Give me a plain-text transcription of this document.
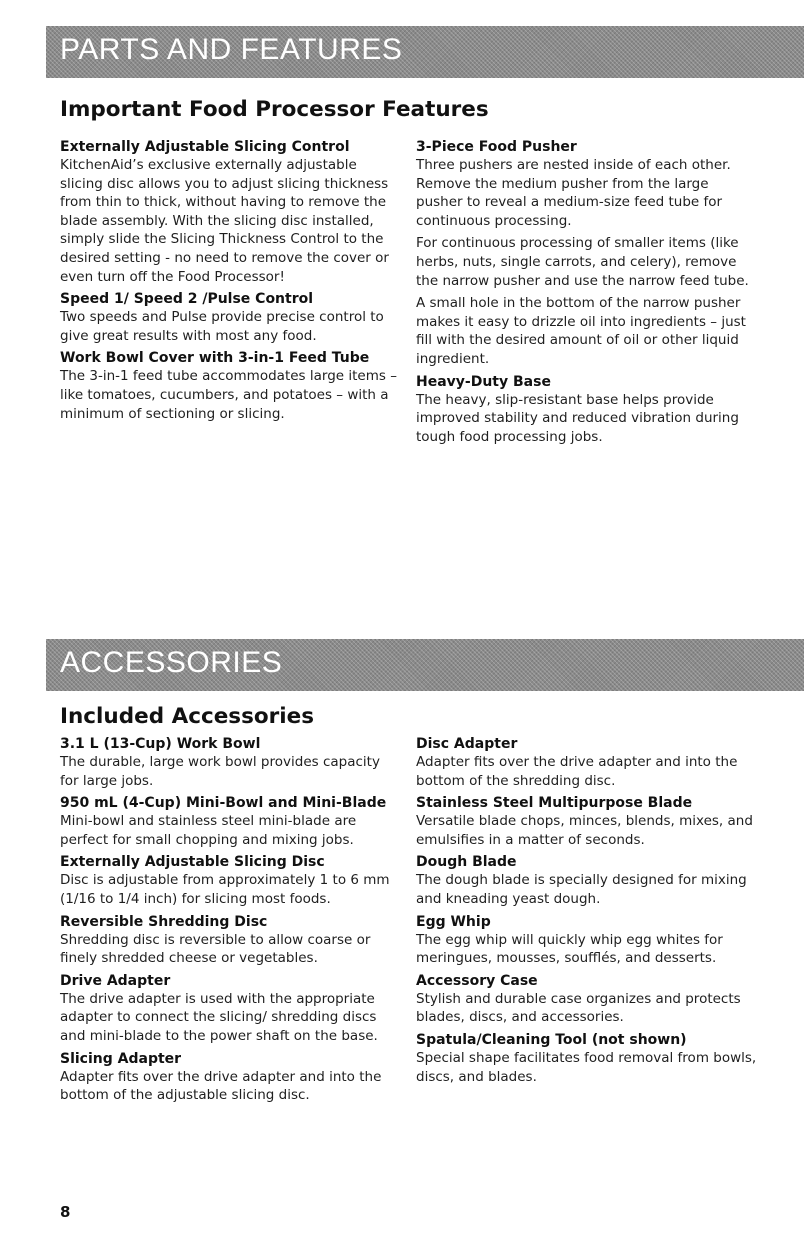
PARTS AND FEATURES
Important Food Processor Features
Externally Adjustable Slicing Control

KitchenAid’s exclusive externally adjustable slicing disc allows you to adjust slicing thickness from thin to thick, without having to remove the blade assembly. With the slicing disc installed, simply slide the Slicing Thickness Control to the desired setting - no need to remove the cover or even turn off the Food Processor!

Speed 1/ Speed 2 /Pulse Control

Two speeds and Pulse provide precise control to give great results with most any food.

Work Bowl Cover with 3-in-1 Feed Tube

The 3-in-1 feed tube accommodates large items – like tomatoes, cucumbers, and potatoes – with a minimum of sectioning or slicing.

3-Piece Food Pusher

Three pushers are nested inside of each other. Remove the medium pusher from the large pusher to reveal a medium-size feed tube for continuous processing.

For continuous processing of smaller items (like herbs, nuts, single carrots, and celery), remove the narrow pusher and use the narrow feed tube.

A small hole in the bottom of the narrow pusher makes it easy to drizzle oil into ingredients – just fill with the desired amount of oil or other liquid ingredient.

Heavy-Duty Base

The heavy, slip-resistant base helps provide improved stability and reduced vibration during tough food processing jobs.

ACCESSORIES
Included Accessories
3.1 L (13-Cup) Work Bowl

The durable, large work bowl provides capacity for large jobs.

950 mL (4-Cup) Mini-Bowl and Mini-Blade

Mini-bowl and stainless steel mini-blade are perfect for small chopping and mixing jobs.

Externally Adjustable Slicing Disc

Disc is adjustable from approximately 1 to 6 mm (1/16 to 1/4 inch) for slicing most foods.

Reversible Shredding Disc

Shredding disc is reversible to allow coarse or finely shredded cheese or vegetables.

Drive Adapter

The drive adapter is used with the appropriate adapter to connect the slicing/ shredding discs and mini-blade to the power shaft on the base.

Slicing Adapter

Adapter fits over the drive adapter and into the bottom of the adjustable slicing disc.

Disc Adapter

Adapter fits over the drive adapter and into the bottom of the shredding disc.

Stainless Steel Multipurpose Blade

Versatile blade chops, minces, blends, mixes, and emulsifies in a matter of seconds.

Dough Blade

The dough blade is specially designed for mixing and kneading yeast dough.

Egg Whip

The egg whip will quickly whip egg whites for meringues, mousses, soufflés, and desserts.

Accessory Case

Stylish and durable case organizes and protects blades, discs, and accessories.

Spatula/Cleaning Tool (not shown)

Special shape facilitates food removal from bowls, discs, and blades.

8
